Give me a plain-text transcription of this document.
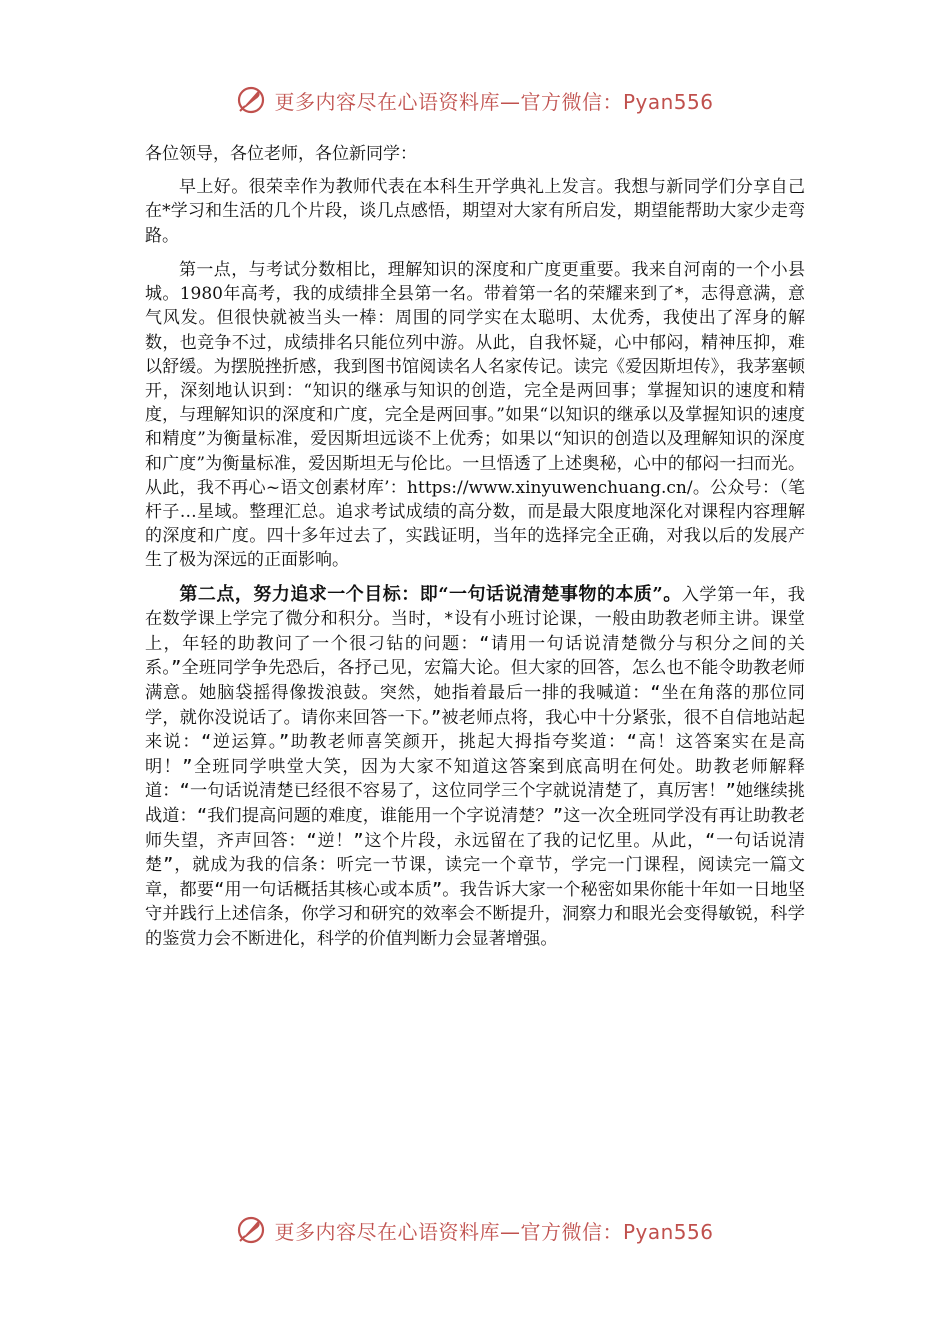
更多内容尽在心语资料库—官方微信：Pyan556

各位领导，各位老师，各位新同学：

早上好。很荣幸作为教师代表在本科生开学典礼上发言。我想与新同学们分享自己在*学习和生活的几个片段，谈几点感悟，期望对大家有所启发，期望能帮助大家少走弯路。

第一点，与考试分数相比，理解知识的深度和广度更重要。我来自河南的一个小县城。1980年高考，我的成绩排全县第一名。带着第一名的荣耀来到了*，志得意满，意气风发。但很快就被当头一棒：周围的同学实在太聪明、太优秀，我使出了浑身的解数，也竞争不过，成绩排名只能位列中游。从此，自我怀疑，心中郁闷，精神压抑，难以舒缓。为摆脱挫折感，我到图书馆阅读名人名家传记。读完《爱因斯坦传》，我茅塞顿开，深刻地认识到：“知识的继承与知识的创造，完全是两回事；掌握知识的速度和精度，与理解知识的深度和广度，完全是两回事。”如果“以知识的继承以及掌握知识的速度和精度”为衡量标准，爱因斯坦远谈不上优秀；如果以“知识的创造以及理解知识的深度和广度”为衡量标准，爱因斯坦无与伦比。一旦悟透了上述奥秘，心中的郁闷一扫而光。从此，我不再心~语文创素材库’：https://www.xinyuwenchuang.cn/。公众号：（笔杆子…星域。整理汇总。追求考试成绩的高分数，而是最大限度地深化对课程内容理解的深度和广度。四十多年过去了，实践证明，当年的选择完全正确，对我以后的发展产生了极为深远的正面影响。

第二点，努力追求一个目标：即“一句话说清楚事物的本质”。入学第一年，我在数学课上学完了微分和积分。当时，*设有小班讨论课，一般由助教老师主讲。课堂上，年轻的助教问了一个很刁钻的问题：“请用一句话说清楚微分与积分之间的关系。”全班同学争先恐后，各抒己见，宏篇大论。但大家的回答，怎么也不能令助教老师满意。她脑袋摇得像拨浪鼓。突然，她指着最后一排的我喊道：“坐在角落的那位同学，就你没说话了。请你来回答一下。”被老师点将，我心中十分紧张，很不自信地站起来说：“逆运算。”助教老师喜笑颜开，挑起大拇指夸奖道：“高！这答案实在是高明！”全班同学哄堂大笑，因为大家不知道这答案到底高明在何处。助教老师解释道：“一句话说清楚已经很不容易了，这位同学三个字就说清楚了，真厉害！”她继续挑战道：“我们提高问题的难度，谁能用一个字说清楚？”这一次全班同学没有再让助教老师失望，齐声回答：“逆！”这个片段，永远留在了我的记忆里。从此，“一句话说清楚”，就成为我的信条：听完一节课，读完一个章节，学完一门课程，阅读完一篇文章，都要“用一句话概括其核心或本质”。我告诉大家一个秘密如果你能十年如一日地坚守并践行上述信条，你学习和研究的效率会不断提升，洞察力和眼光会变得敏锐，科学的鉴赏力会不断进化，科学的价值判断力会显著增强。

更多内容尽在心语资料库—官方微信：Pyan556
